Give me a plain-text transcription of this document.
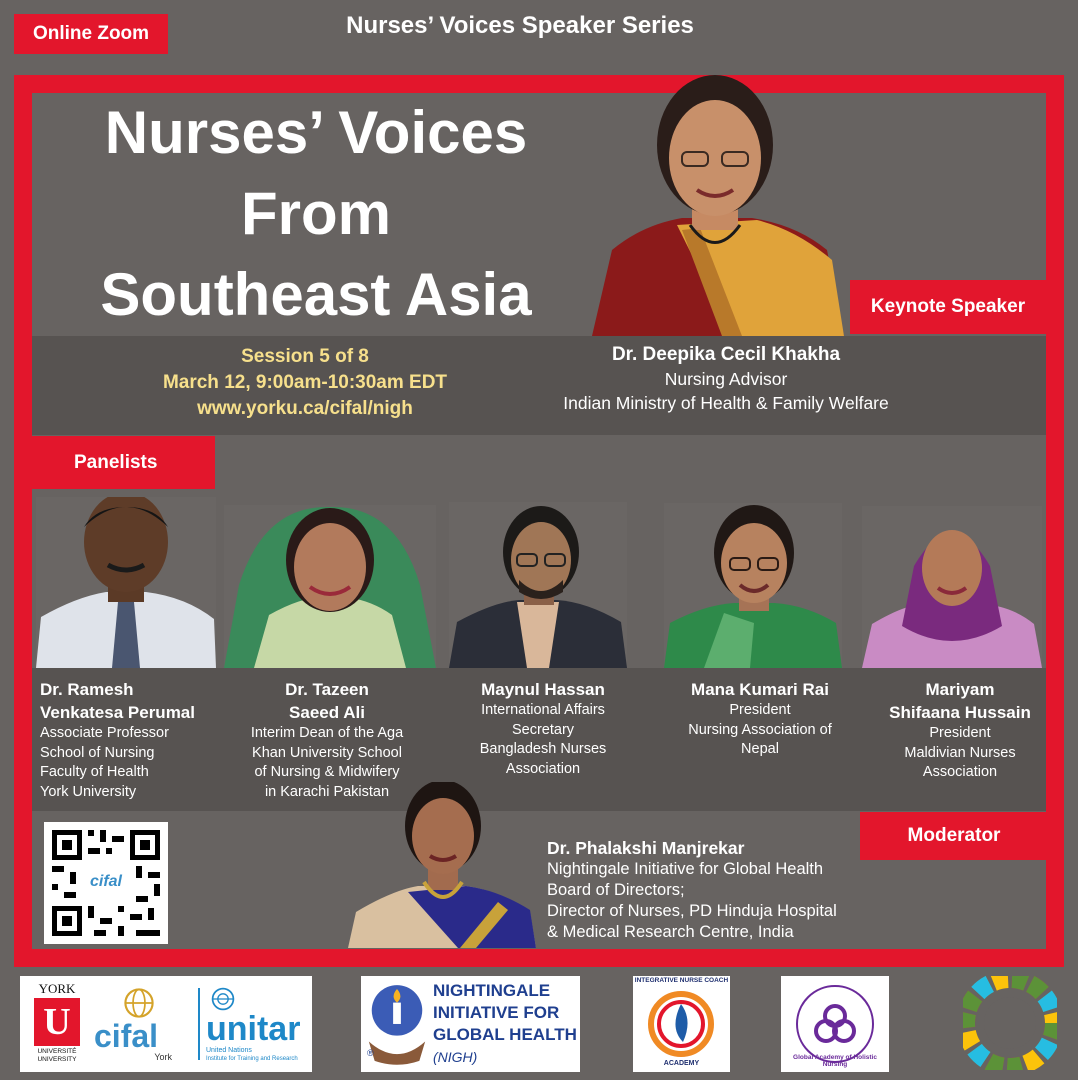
Online Zoom	Nurses’ Voices Speaker Series
Nurses’ Voices
From
Southeast Asia	Keynote Speaker
Session 5 of 8
March 12, 9:00am-10:30am EDT
www.yorku.ca/cifal/nigh
Dr. Deepika Cecil Khakha
Nursing Advisor
Indian Ministry of Health & Family Welfare
Panelists
Dr. Ramesh
Venkatesa Perumal
Associate Professor
School of Nursing
Faculty of Health
York University
Dr. Tazeen
Saeed Ali
Interim Dean of the Aga
Khan University School
of Nursing & Midwifery
in Karachi Pakistan
Maynul Hassan
International Affairs
Secretary
Bangladesh Nurses
Association
Mana Kumari Rai
President
Nursing Association of
Nepal
Mariyam
Shifaana Hussain
President
Maldivian Nurses
Association
Moderator
cifal
Dr. Phalakshi Manjrekar
Nightingale Initiative for Global Health
Board of Directors;
Director of Nurses, PD Hinduja Hospital
& Medical Research Centre, India
YORK
U
UNIVERSITÉ
UNIVERSITY
cifal
York
unitar
United Nations
Institute for Training and Research
®
NIGHTINGALE
INITIATIVE FOR
GLOBAL HEALTH
(NIGH)
INTEGRATIVE NURSE COACH
ACADEMY
Global Academy of Holistic Nursing
